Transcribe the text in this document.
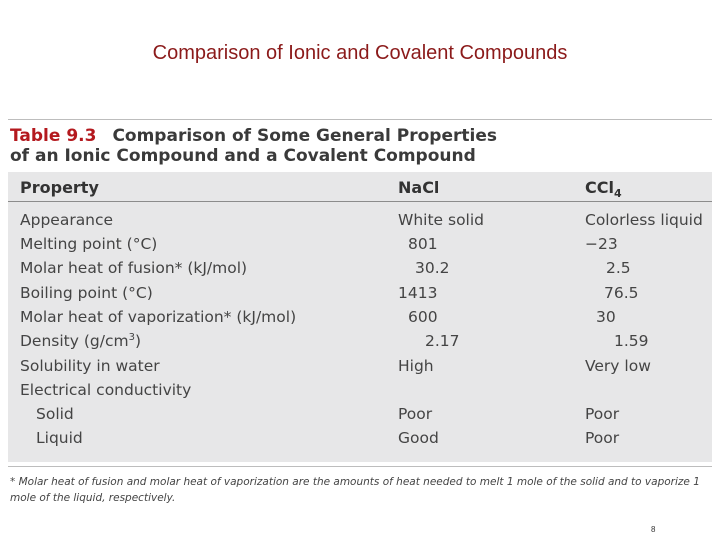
Comparison of Ionic and Covalent Compounds
Table 9.3 Comparison of Some General Properties
of an Ionic Compound and a Covalent Compound
Property	NaCl	CCl$_4$
Appearance	White solid	Colorless liquid
Melting point (°C)	801	−23
Molar heat of fusion* (kJ/mol)	30.2	2.5
Boiling point (°C)	1413	76.5
Molar heat of vaporization* (kJ/mol)	600	30
Density $(g/cm^3)$	2.17	1.59
Solubility in water	High	Very low
Electrical conductivity
Solid	Poor	Poor
Liquid	Good	Poor
* Molar heat of fusion and molar heat of vaporization are the amounts of heat needed to melt 1 mole of the solid and to vaporize 1 mole of the liquid, respectively.
8
